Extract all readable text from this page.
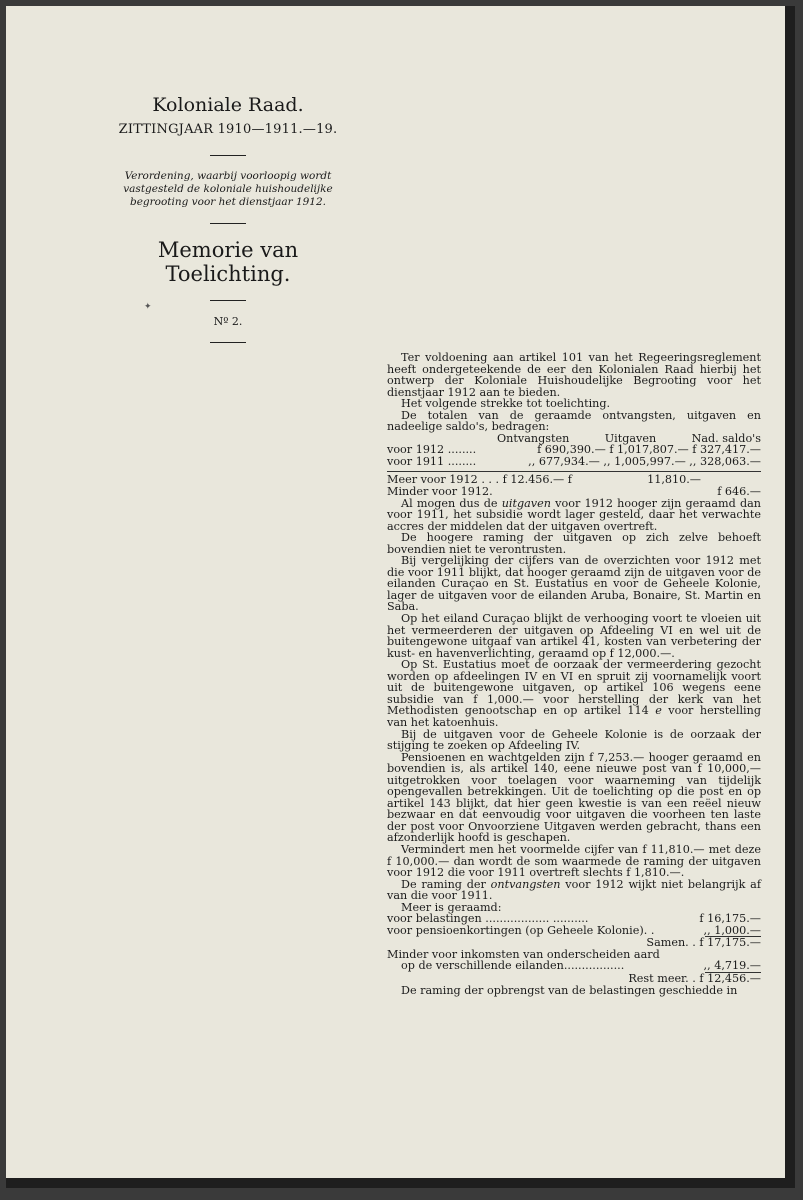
Koloniale Raad.
ZITTINGJAAR 1910—1911.—19.
Verordening, waarbij voorloopig wordt vastgesteld de koloniale huishoudelijke begrooting voor het dienstjaar 1912.
Memorie van Toelichting.
Nº 2.
✦

Ter voldoening aan artikel 101 van het Regeeringsreglement heeft ondergeteekende de eer den Kolonialen Raad hierbij het ontwerp der Koloniale Huishoudelijke Begrooting voor het dienstjaar 1912 aan te bieden.

Het volgende strekke tot toelichting.

De totalen van de geraamde ontvangsten, uitgaven en nadeelige saldo's, bedragen:

Ontvangsten	Uitgaven	Nad. saldo's
voor 1912 ........	f 690,390.— f 1,017,807.— f 327,417.—
voor 1911 ........	,, 677,934.— ,, 1,005,997.— ,, 328,063.—
Meer voor 1912 . . . f 12.456.— f	11,810.—
Minder voor 1912.	f 646.—

Al mogen dus de uitgaven voor 1912 hooger zijn geraamd dan voor 1911, het subsidie wordt lager gesteld, daar het verwachte accres der middelen dat der uitgaven overtreft.

De hoogere raming der uitgaven op zich zelve behoeft bovendien niet te verontrusten.

Bij vergelijking der cijfers van de overzichten voor 1912 met die voor 1911 blijkt, dat hooger geraamd zijn de uitgaven voor de eilanden Curaçao en St. Eustatius en voor de Geheele Kolonie, lager de uitgaven voor de eilanden Aruba, Bonaire, St. Martin en Saba.

Op het eiland Curaçao blijkt de verhooging voort te vloeien uit het vermeerderen der uitgaven op Afdeeling VI en wel uit de buitengewone uitgaaf van artikel 41, kosten van verbetering der kust- en havenverlichting, geraamd op f 12,000.—.

Op St. Eustatius moet de oorzaak der vermeerdering gezocht worden op afdeelingen IV en VI en spruit zij voornamelijk voort uit de buitengewone uitgaven, op artikel 106 wegens eene subsidie van f 1,000.— voor herstelling der kerk van het Methodisten genootschap en op artikel 114 e voor herstelling van het katoenhuis.

Bij de uitgaven voor de Geheele Kolonie is de oorzaak der stijging te zoeken op Afdeeling IV.

Pensioenen en wachtgelden zijn f 7,253.— hooger geraamd en bovendien is, als artikel 140, eene nieuwe post van f 10,000,— uitgetrokken voor toelagen voor waarneming van tijdelijk opengevallen betrekkingen. Uit de toelichting op die post en op artikel 143 blijkt, dat hier geen kwestie is van een reëel nieuw bezwaar en dat eenvoudig voor uitgaven die voorheen ten laste der post voor Onvoorziene Uitgaven werden gebracht, thans een afzonderlijk hoofd is geschapen.

Vermindert men het voormelde cijfer van f 11,810.— met deze f 10,000.— dan wordt de som waarmede de raming der uitgaven voor 1912 die voor 1911 overtreft slechts f 1,810.—.

De raming der ontvangsten voor 1912 wijkt niet belangrijk af van die voor 1911.

Meer is geraamd:

voor belastingen .................. ..........	f 16,175.—
voor pensioenkortingen (op Geheele Kolonie). .	,, 1,000.—
Samen. . f 17,175.—

Minder voor inkomsten van onderscheiden aard

op de verschillende eilanden.................	,, 4,719.—
Rest meer. . f 12,456.—

De raming der opbrengst van de belastingen geschiedde in
